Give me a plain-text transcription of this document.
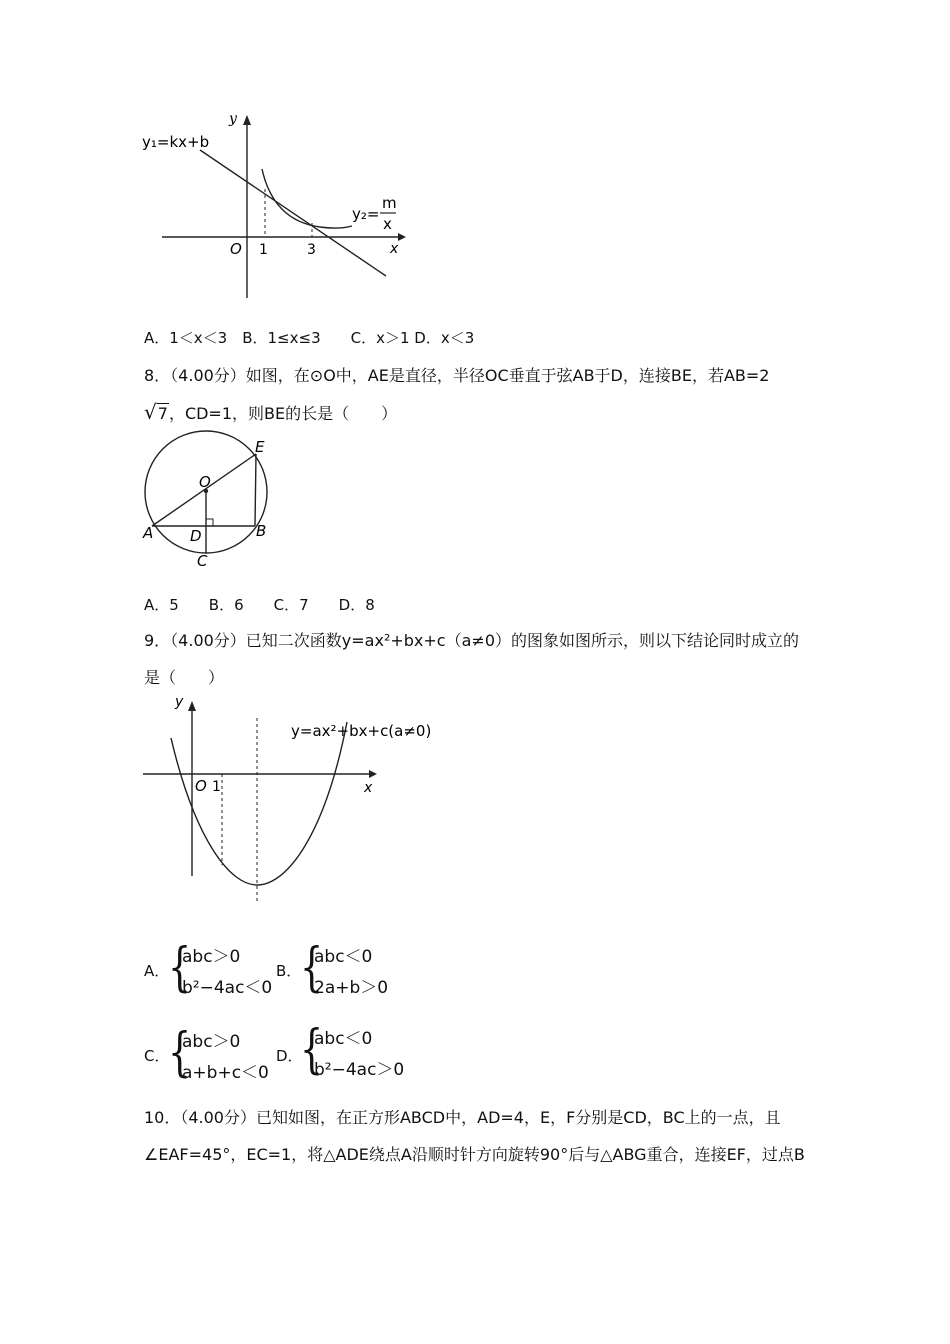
y
x
O 1	3
y₁=kx+b
y₂=
m
x
A．1＜x＜3　B．1≤x≤3　　C．x＞1 D．x＜3
8．（4.00分）如图，在⊙O中，AE是直径，半径OC垂直于弦AB于D，连接BE，若AB=2
√7，CD=1，则BE的长是（　　）
O
E
A	B
D
C
A．5　　B．6　　C．7　　D．8
9．（4.00分）已知二次函数y=ax²+bx+c（a≠0）的图象如图所示，则以下结论同时成立的
是（　　）
y
x
O 1
y=ax²+bx+c(a≠0)
A．
{
abc＞0
b²−4ac＜0
B．
{
abc＜0
2a+b＞0
C．
{
abc＞0
a+b+c＜0
D．
{
abc＜0
b²−4ac＞0
10．（4.00分）已知如图，在正方形ABCD中，AD=4，E，F分别是CD，BC上的一点，且
∠EAF=45°，EC=1，将△ADE绕点A沿顺时针方向旋转90°后与△ABG重合，连接EF，过点B
